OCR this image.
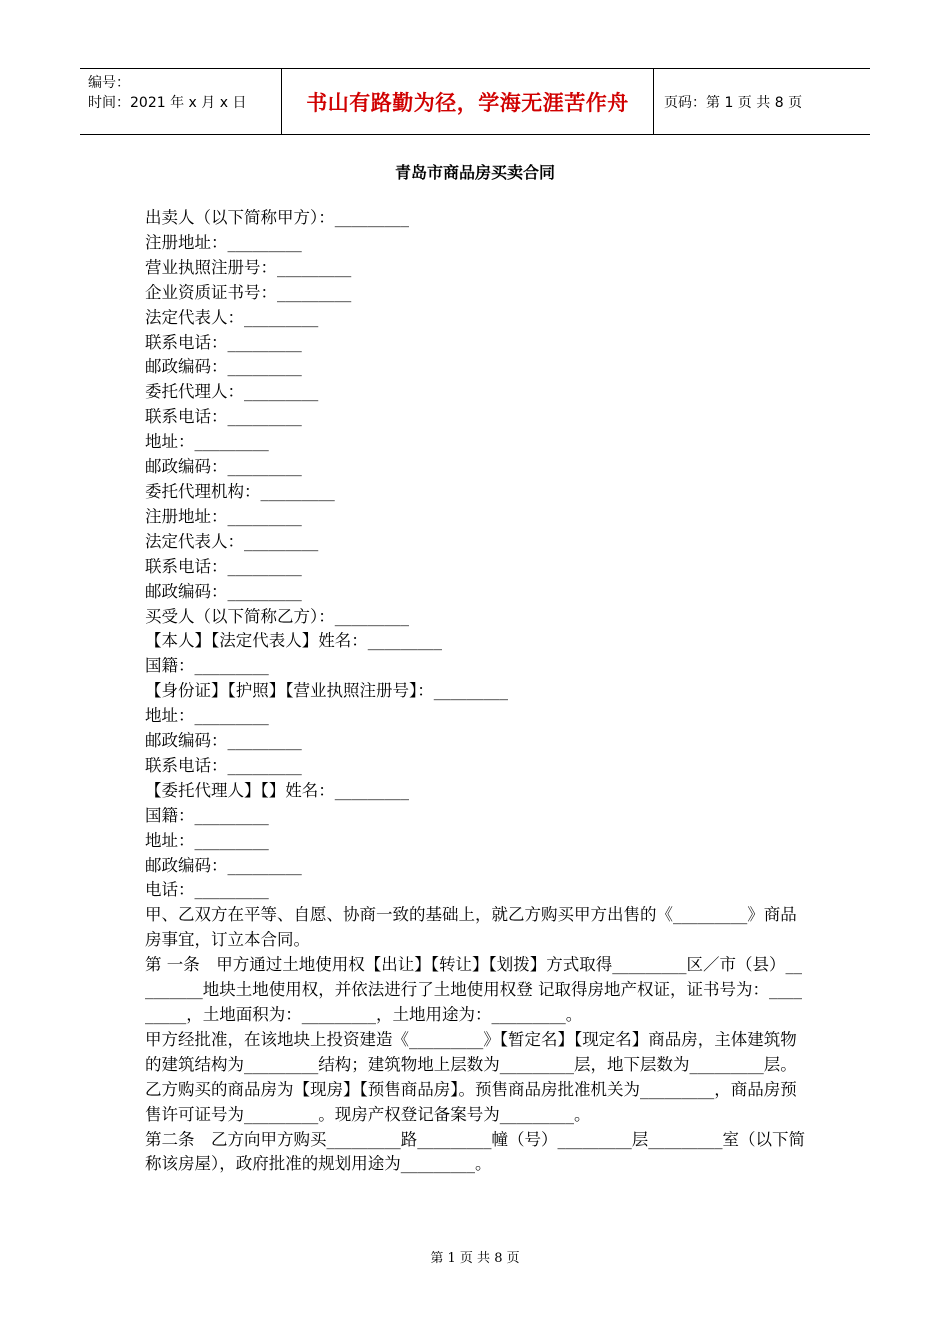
编号：
时间：2021 年 x 月 x 日	书山有路勤为径，学海无涯苦作舟	页码：第 1 页 共 8 页
青岛市商品房买卖合同
出卖人（以下简称甲方）：_________
注册地址：_________
营业执照注册号：_________
企业资质证书号：_________
法定代表人：_________
联系电话：_________
邮政编码：_________
委托代理人：_________
联系电话：_________
地址：_________
邮政编码：_________
委托代理机构：_________
注册地址：_________
法定代表人：_________
联系电话：_________
邮政编码：_________
买受人（以下简称乙方）：_________
【本人】【法定代表人】姓名：_________
国籍：_________
【身份证】【护照】【营业执照注册号】：_________
地址：_________
邮政编码：_________
联系电话：_________
【委托代理人】【】姓名：_________
国籍：_________
地址：_________
邮政编码：_________
电话：_________
甲、乙双方在平等、自愿、协商一致的基础上，就乙方购买甲方出售的《_________》商品房事宜，订立本合同。
第 一条　甲方通过土地使用权【出让】【转让】【划拨】方式取得_________区／市（县）_________地块土地使用权，并依法进行了土地使用权登 记取得房地产权证，证书号为：_________，土地面积为：_________，土地用途为：_________。
甲方经批准，在该地块上投资建造《_________》【暂定名】【现定名】商品房，主体建筑物的建筑结构为_________结构；建筑物地上层数为_________层，地下层数为_________层。
乙方购买的商品房为【现房】【预售商品房】。预售商品房批准机关为_________，商品房预售许可证号为_________。现房产权登记备案号为_________。
第二条　乙方向甲方购买_________路_________幢（号）_________层_________室（以下简称该房屋），政府批准的规划用途为_________。
第 1 页 共 8 页
